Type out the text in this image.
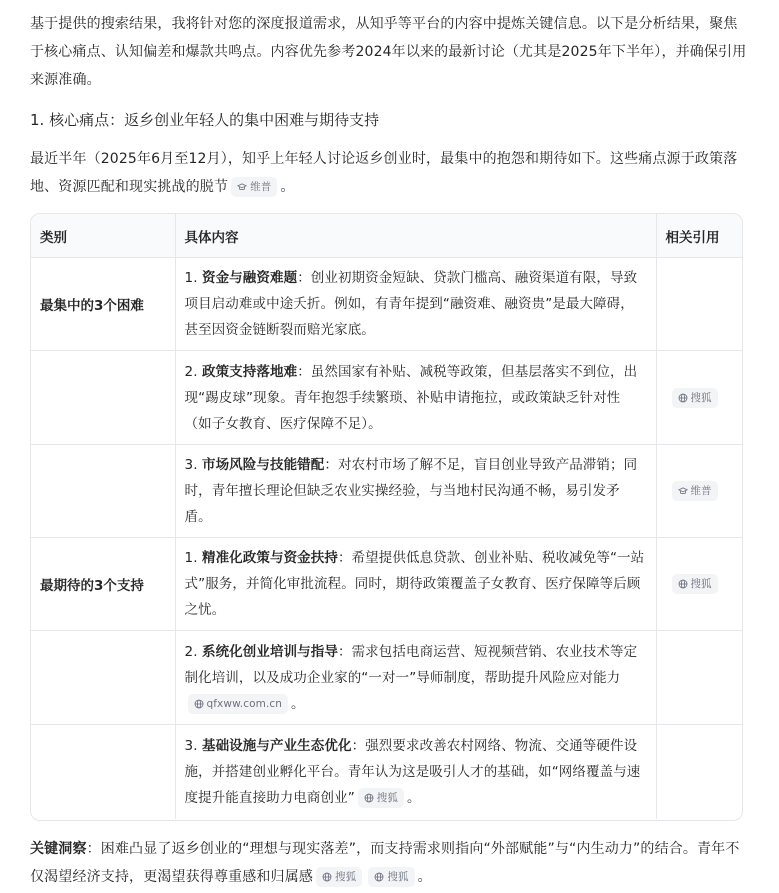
基于提供的搜索结果，我将针对您的深度报道需求，从知乎等平台的内容中提炼关键信息。以下是分析结果，聚焦于核心痛点、认知偏差和爆款共鸣点。内容优先参考2024年以来的最新讨论（尤其是2025年下半年），并确保引用来源准确。
1. 核心痛点：返乡创业年轻人的集中困难与期待支持
最近半年（2025年6月至12月），知乎上年轻人讨论返乡创业时，最集中的抱怨和期待如下。这些痛点源于政策落地、资源匹配和现实挑战的脱节 维普 。
类别	具体内容	相关引用
最集中的3个困难	1. 资金与融资难题：创业初期资金短缺、贷款门槛高、融资渠道有限，导致项目启动难或中途夭折。例如，有青年提到“融资难、融资贵”是最大障碍，甚至因资金链断裂而赔光家底。	
	2. 政策支持落地难：虽然国家有补贴、减税等政策，但基层落实不到位，出现“踢皮球”现象。青年抱怨手续繁琐、补贴申请拖拉，或政策缺乏针对性（如子女教育、医疗保障不足）。	搜狐

	3. 市场风险与技能错配：对农村市场了解不足，盲目创业导致产品滞销；同时，青年擅长理论但缺乏农业实操经验，与当地村民沟通不畅，易引发矛盾。	维普

最期待的3个支持	1. 精准化政策与资金扶持：希望提供低息贷款、创业补贴、税收减免等“一站式”服务，并简化审批流程。同时，期待政策覆盖子女教育、医疗保障等后顾之忧。	搜狐

	2. 系统化创业培训与指导：需求包括电商运营、短视频营销、农业技术等定制化培训，以及成功企业家的“一对一”导师制度，帮助提升风险应对能力
qfxww.com.cn 。	
	3. 基础设施与产业生态优化：强烈要求改善农村网络、物流、交通等硬件设施，并搭建创业孵化平台。青年认为这是吸引人才的基础，如“网络覆盖与速度提升能直接助力电商创业” 搜狐 。	
关键洞察：困难凸显了返乡创业的“理想与现实落差”，而支持需求则指向“外部赋能”与“内生动力”的结合。青年不仅渴望经济支持，更渴望获得尊重感和归属感 搜狐	搜狐 。
